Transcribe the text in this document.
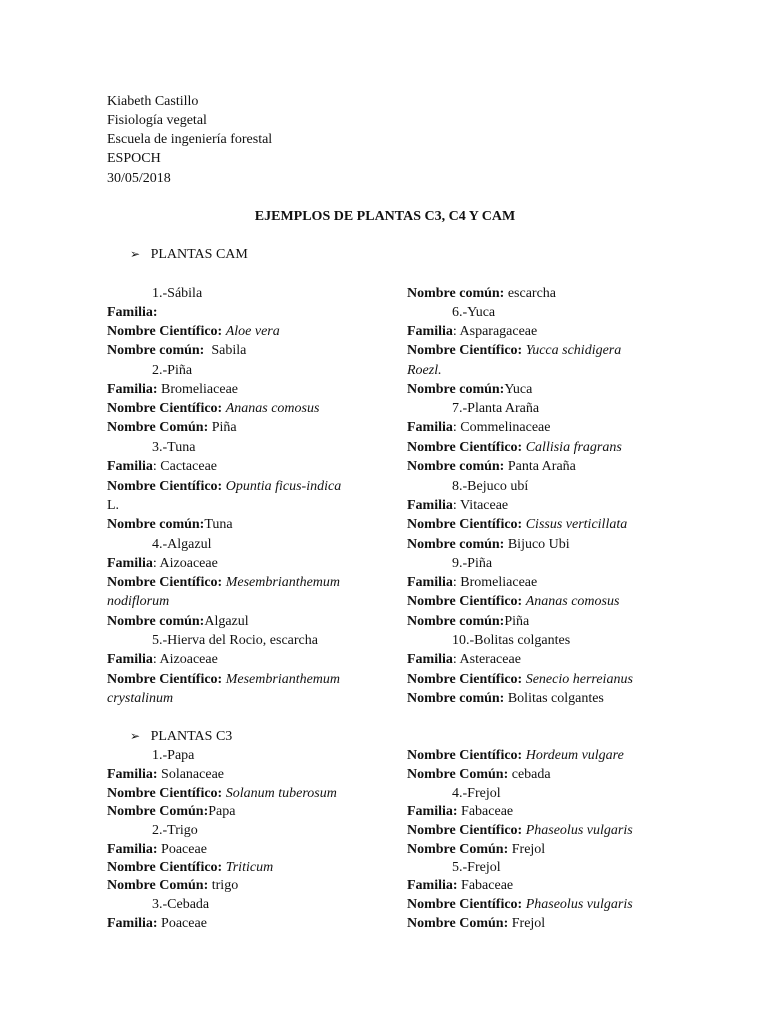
Kiabeth Castillo
Fisiología vegetal
Escuela de ingeniería forestal
ESPOCH
30/05/2018
EJEMPLOS DE PLANTAS C3, C4 Y CAM
➢ PLANTAS CAM
1.-Sábila
Familia:
Nombre Científico: Aloe vera
Nombre común: Sabila
2.-Piña
Familia: Bromeliaceae
Nombre Científico: Ananas comosus
Nombre Común: Piña
3.-Tuna
Familia: Cactaceae
Nombre Científico: Opuntia ficus-indica
L.
Nombre común:Tuna
4.-Algazul
Familia: Aizoaceae
Nombre Científico: Mesembrianthemum
nodiflorum
Nombre común:Algazul
5.-Hierva del Rocio, escarcha
Familia: Aizoaceae
Nombre Científico: Mesembrianthemum
crystalinum
Nombre común: escarcha
6.-Yuca
Familia: Asparagaceae
Nombre Científico: Yucca schidigera
Roezl.
Nombre común:Yuca
7.-Planta Araña
Familia: Commelinaceae
Nombre Científico: Callisia fragrans
Nombre común: Panta Araña
8.-Bejuco ubí
Familia: Vitaceae
Nombre Científico: Cissus verticillata
Nombre común: Bijuco Ubi
9.-Piña
Familia: Bromeliaceae
Nombre Científico: Ananas comosus
Nombre común:Piña
10.-Bolitas colgantes
Familia: Asteraceae
Nombre Científico: Senecio herreianus
Nombre común: Bolitas colgantes
➢ PLANTAS C3
1.-Papa
Familia: Solanaceae
Nombre Científico: Solanum tuberosum
Nombre Común:Papa
2.-Trigo
Familia: Poaceae
Nombre Científico: Triticum
Nombre Común: trigo
3.-Cebada
Familia: Poaceae
Nombre Científico: Hordeum vulgare
Nombre Común: cebada
4.-Frejol
Familia: Fabaceae
Nombre Científico: Phaseolus vulgaris
Nombre Común: Frejol
5.-Frejol
Familia: Fabaceae
Nombre Científico: Phaseolus vulgaris
Nombre Común: Frejol
